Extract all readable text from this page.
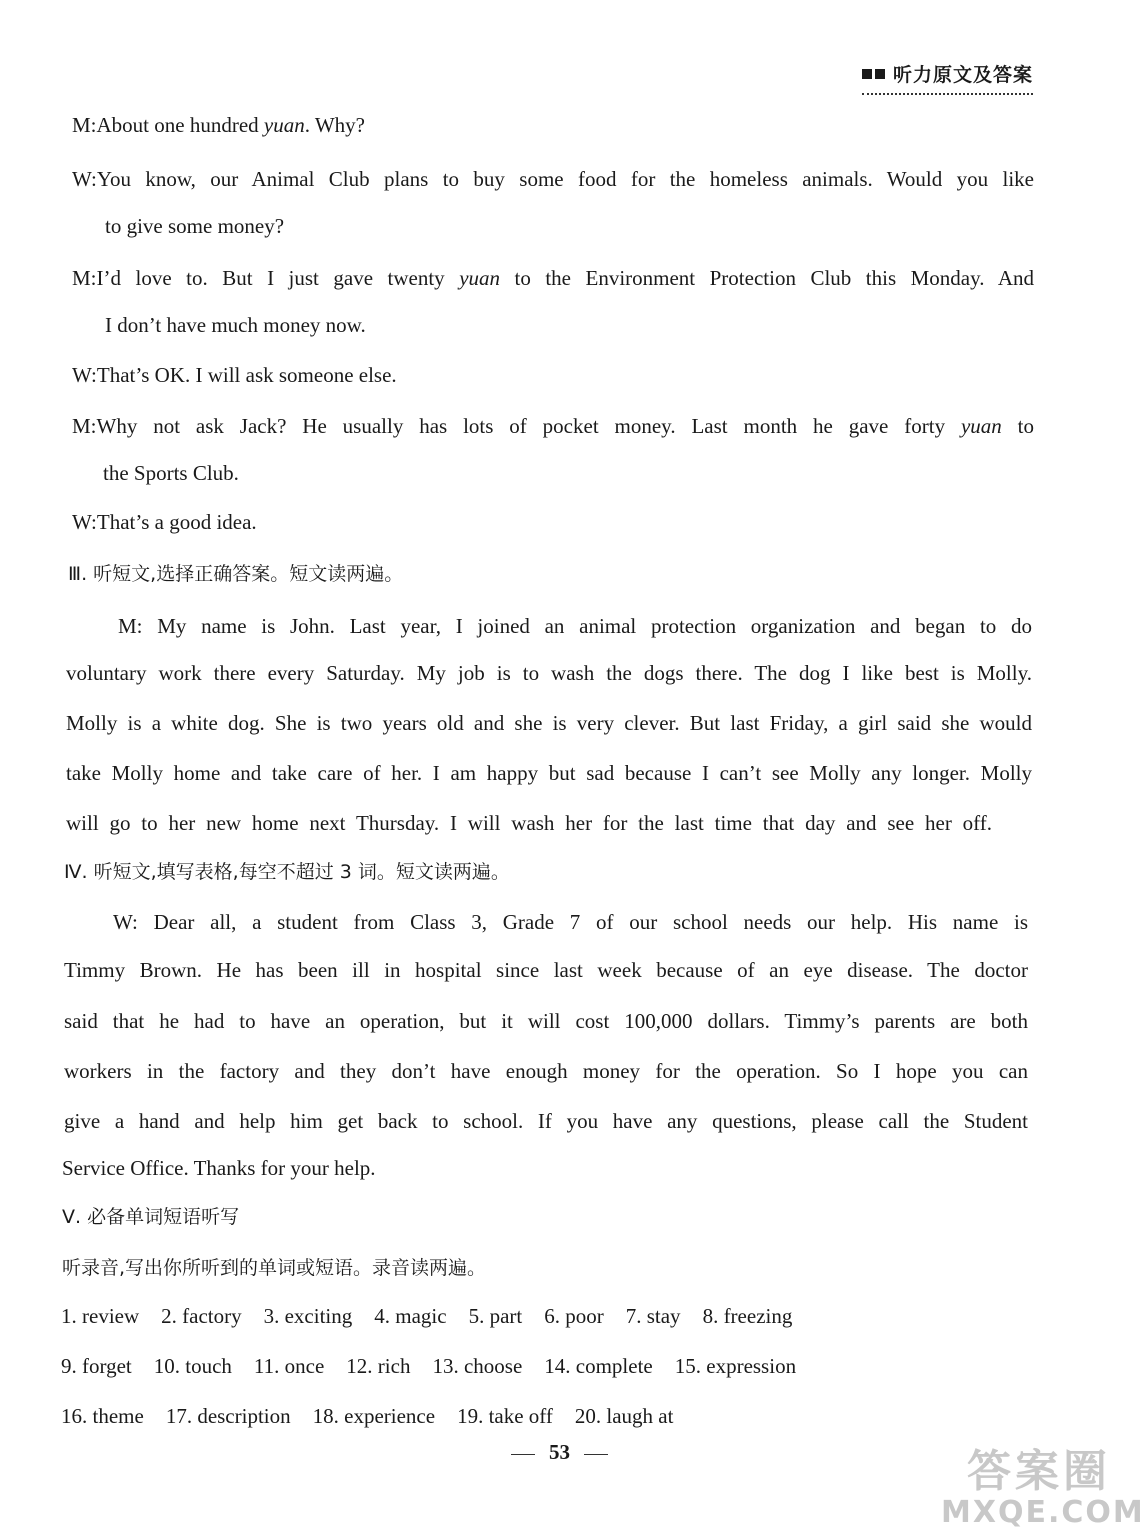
听力原文及答案
M:About one hundred yuan. Why?
W:You know, our Animal Club plans to buy some food for the homeless animals. Would you like
to give some money?
M:I’d love to. But I just gave twenty yuan to the Environment Protection Club this Monday. And
I don’t have much money now.
W:That’s OK. I will ask someone else.
M:Why not ask Jack? He usually has lots of pocket money. Last month he gave forty yuan to
the Sports Club.
W:That’s a good idea.
Ⅲ. 听短文,选择正确答案。短文读两遍。
M: My name is John. Last year, I joined an animal protection organization and began to do
voluntary work there every Saturday. My job is to wash the dogs there. The dog I like best is Molly.
Molly is a white dog. She is two years old and she is very clever. But last Friday, a girl said she would
take Molly home and take care of her. I am happy but sad because I can’t see Molly any longer. Molly
will go to her new home next Thursday. I will wash her for the last time that day and see her off.
Ⅳ. 听短文,填写表格,每空不超过 3 词。短文读两遍。
W: Dear all, a student from Class 3, Grade 7 of our school needs our help. His name is
Timmy Brown. He has been ill in hospital since last week because of an eye disease. The doctor
said that he had to have an operation, but it will cost 100,000 dollars. Timmy’s parents are both
workers in the factory and they don’t have enough money for the operation. So I hope you can
give a hand and help him get back to school. If you have any questions, please call the Student
Service Office. Thanks for your help.
Ⅴ. 必备单词短语听写
听录音,写出你所听到的单词或短语。录音读两遍。
1. review 2. factory 3. exciting 4. magic 5. part 6. poor 7. stay 8. freezing
9. forget 10. touch 11. once 12. rich 13. choose 14. complete 15. expression
16. theme 17. description 18. experience 19. take off 20. laugh at
53	答案圈
MXQE.COM
